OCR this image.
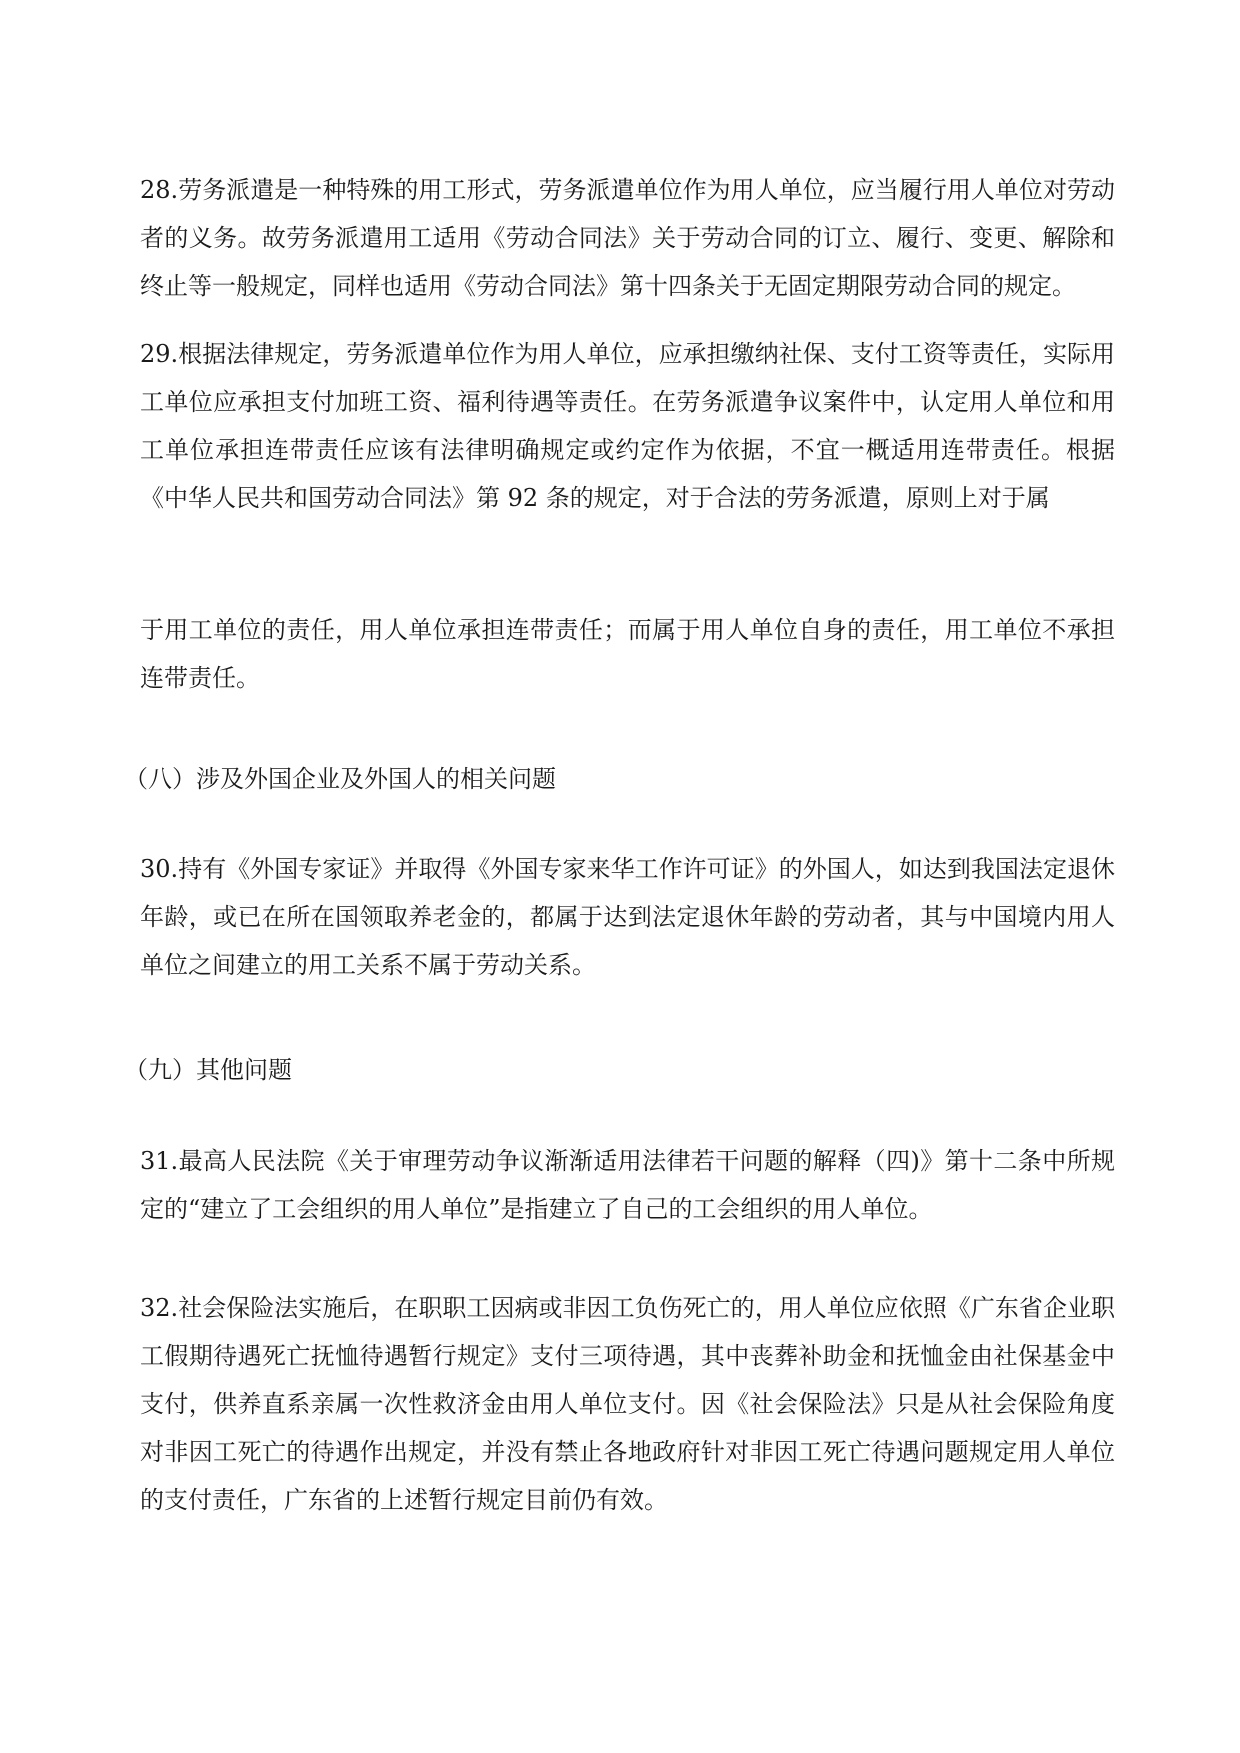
28.劳务派遣是一种特殊的用工形式，劳务派遣单位作为用人单位，应当履行用人单位对劳动者的义务。故劳务派遣用工适用《劳动合同法》关于劳动合同的订立、履行、变更、解除和终止等一般规定，同样也适用《劳动合同法》第十四条关于无固定期限劳动合同的规定。

29.根据法律规定，劳务派遣单位作为用人单位，应承担缴纳社保、支付工资等责任，实际用工单位应承担支付加班工资、福利待遇等责任。在劳务派遣争议案件中，认定用人单位和用工单位承担连带责任应该有法律明确规定或约定作为依据，不宜一概适用连带责任。根据《中华人民共和国劳动合同法》第 92 条的规定，对于合法的劳务派遣，原则上对于属

于用工单位的责任，用人单位承担连带责任；而属于用人单位自身的责任，用工单位不承担连带责任。

（八）涉及外国企业及外国人的相关问题

30.持有《外国专家证》并取得《外国专家来华工作许可证》的外国人，如达到我国法定退休年龄，或已在所在国领取养老金的，都属于达到法定退休年龄的劳动者，其与中国境内用人单位之间建立的用工关系不属于劳动关系。

（九）其他问题

31.最高人民法院《关于审理劳动争议渐渐适用法律若干问题的解释（四)》第十二条中所规定的“建立了工会组织的用人单位”是指建立了自己的工会组织的用人单位。

32.社会保险法实施后，在职职工因病或非因工负伤死亡的，用人单位应依照《广东省企业职工假期待遇死亡抚恤待遇暂行规定》支付三项待遇，其中丧葬补助金和抚恤金由社保基金中支付，供养直系亲属一次性救济金由用人单位支付。因《社会保险法》只是从社会保险角度对非因工死亡的待遇作出规定，并没有禁止各地政府针对非因工死亡待遇问题规定用人单位的支付责任，广东省的上述暂行规定目前仍有效。
